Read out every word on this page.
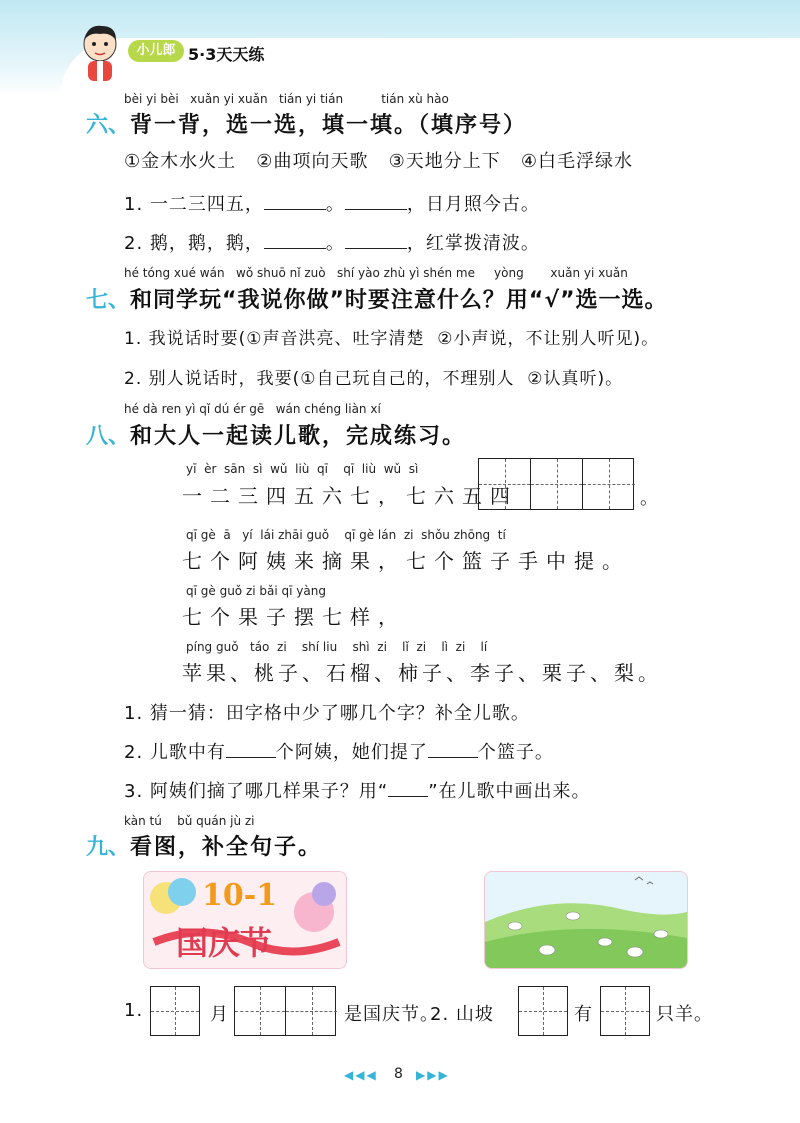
小儿郎 5·3天天练
bèi yi bèi   xuǎn yi xuǎn   tián yi tián          tián xù hào
六、背一背，选一选，填一填。（填序号）
①金木水火土   ②曲项向天歌   ③天地分上下   ④白毛浮绿水
1. 一二三四五，	。	，日月照今古。
2. 鹅，鹅，鹅，	。	，红掌拨清波。
hé tóng xué wán   wǒ shuō nǐ zuò   shí yào zhù yì shén me     yòng       xuǎn yi xuǎn
七、和同学玩“我说你做”时要注意什么？用“√”选一选。
1. 我说话时要(①声音洪亮、吐字清楚  ②小声说，不让别人听见)。
2. 别人说话时，我要(①自己玩自己的，不理别人  ②认真听)。
hé dà ren yì qǐ dú ér gē   wán chéng liàn xí
八、和大人一起读儿歌，完成练习。
yī  èr  sān  sì  wǔ  liù  qī    qī  liù  wǔ  sì
一二三四五六七，七六五四	。
qī gè  ā   yí  lái zhāi guǒ    qī gè lán  zi  shǒu zhōng  tí
七个阿姨来摘果，七个篮子手中提。
qī gè guǒ zi bǎi qī yàng
七个果子摆七样，
píng guǒ   táo  zi    shí liu    shì  zi    lǐ  zi    lì  zi    lí
苹果、桃子、石榴、柿子、李子、栗子、梨。
1. 猜一猜：田字格中少了哪几个字？补全儿歌。
2. 儿歌中有	个阿姨，她们提了	个篮子。
3. 阿姨们摘了哪几样果子？用“ ”在儿歌中画出来。
kàn tú    bǔ quán jù zi
九、看图，补全句子。
10-1
国庆节
1.	月	是国庆节。
2. 山坡	有	只羊。
◀◀◀ 8 ▶▶▶
